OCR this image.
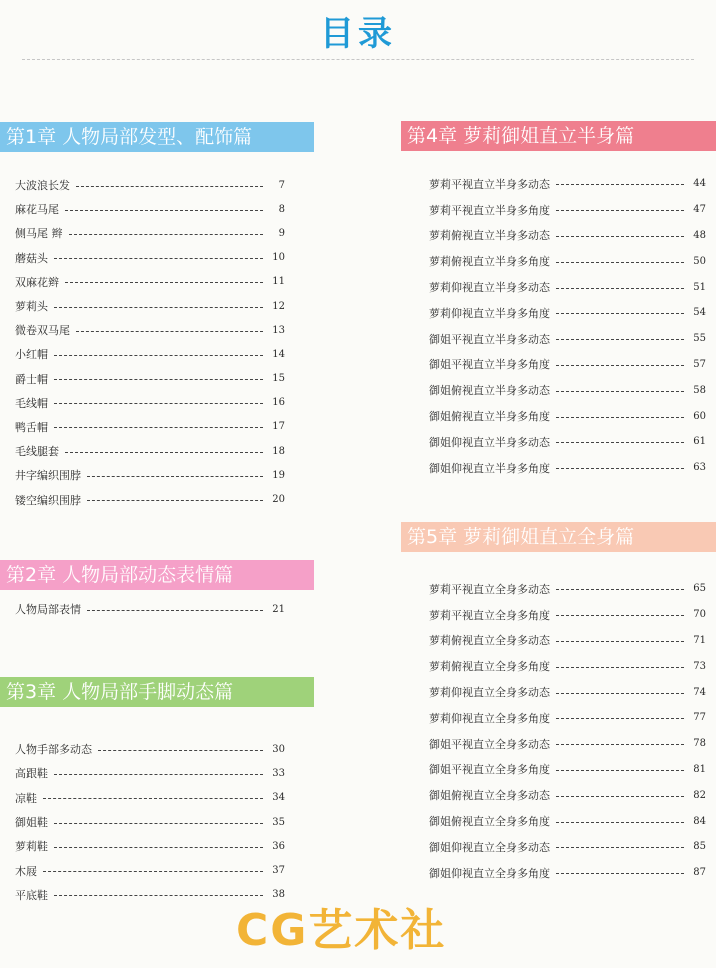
目录
第1章 人物局部发型、配饰篇
大波浪长发	7
麻花马尾	8
侧马尾 辫	9
蘑菇头	10
双麻花辫	11
萝莉头	12
微卷双马尾	13
小红帽	14
爵士帽	15
毛线帽	16
鸭舌帽	17
毛线腿套	18
井字编织围脖	19
镂空编织围脖	20
第2章 人物局部动态表情篇
人物局部表情	21
第3章 人物局部手脚动态篇
人物手部多动态	30
高跟鞋	33
凉鞋	34
御姐鞋	35
萝莉鞋	36
木屐	37
平底鞋	38
第4章 萝莉御姐直立半身篇
萝莉平视直立半身多动态	44
萝莉平视直立半身多角度	47
萝莉俯视直立半身多动态	48
萝莉俯视直立半身多角度	50
萝莉仰视直立半身多动态	51
萝莉仰视直立半身多角度	54
御姐平视直立半身多动态	55
御姐平视直立半身多角度	57
御姐俯视直立半身多动态	58
御姐俯视直立半身多角度	60
御姐仰视直立半身多动态	61
御姐仰视直立半身多角度	63
第5章 萝莉御姐直立全身篇
萝莉平视直立全身多动态	65
萝莉平视直立全身多角度	70
萝莉俯视直立全身多动态	71
萝莉俯视直立全身多角度	73
萝莉仰视直立全身多动态	74
萝莉仰视直立全身多角度	77
御姐平视直立全身多动态	78
御姐平视直立全身多角度	81
御姐俯视直立全身多动态	82
御姐俯视直立全身多角度	84
御姐仰视直立全身多动态	85
御姐仰视直立全身多角度	87
CG艺术社
